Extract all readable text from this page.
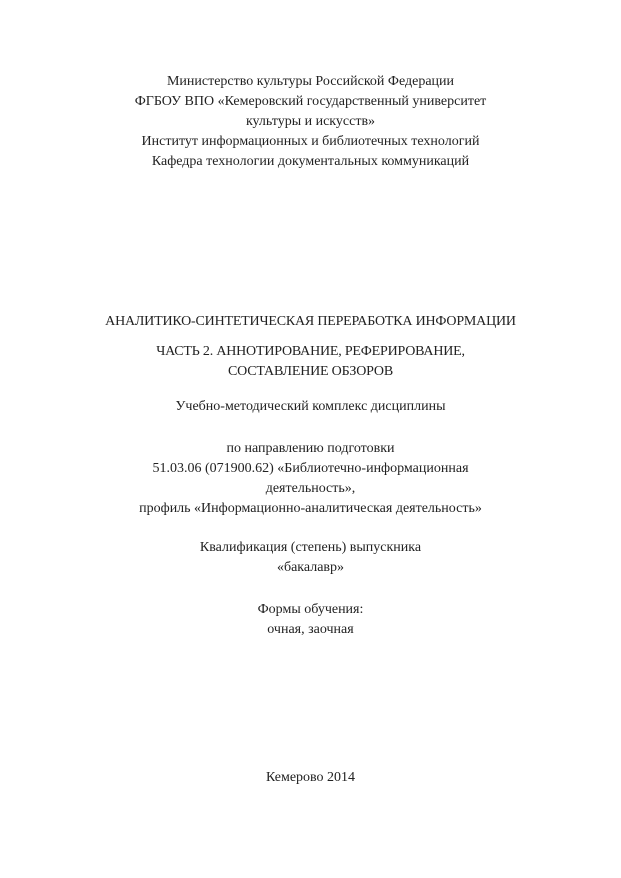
Министерство культуры Российской Федерации
ФГБОУ ВПО «Кемеровский государственный университет
культуры и искусств»
Институт информационных и библиотечных технологий
Кафедра технологии документальных коммуникаций
АНАЛИТИКО-СИНТЕТИЧЕСКАЯ ПЕРЕРАБОТКА ИНФОРМАЦИИ
ЧАСТЬ 2. АННОТИРОВАНИЕ, РЕФЕРИРОВАНИЕ,
СОСТАВЛЕНИЕ ОБЗОРОВ
Учебно-методический комплекс дисциплины
по направлению подготовки
51.03.06 (071900.62) «Библиотечно-информационная
деятельность»,
профиль «Информационно-аналитическая деятельность»
Квалификация (степень) выпускника
«бакалавр»
Формы обучения:
очная, заочная
Кемерово 2014
